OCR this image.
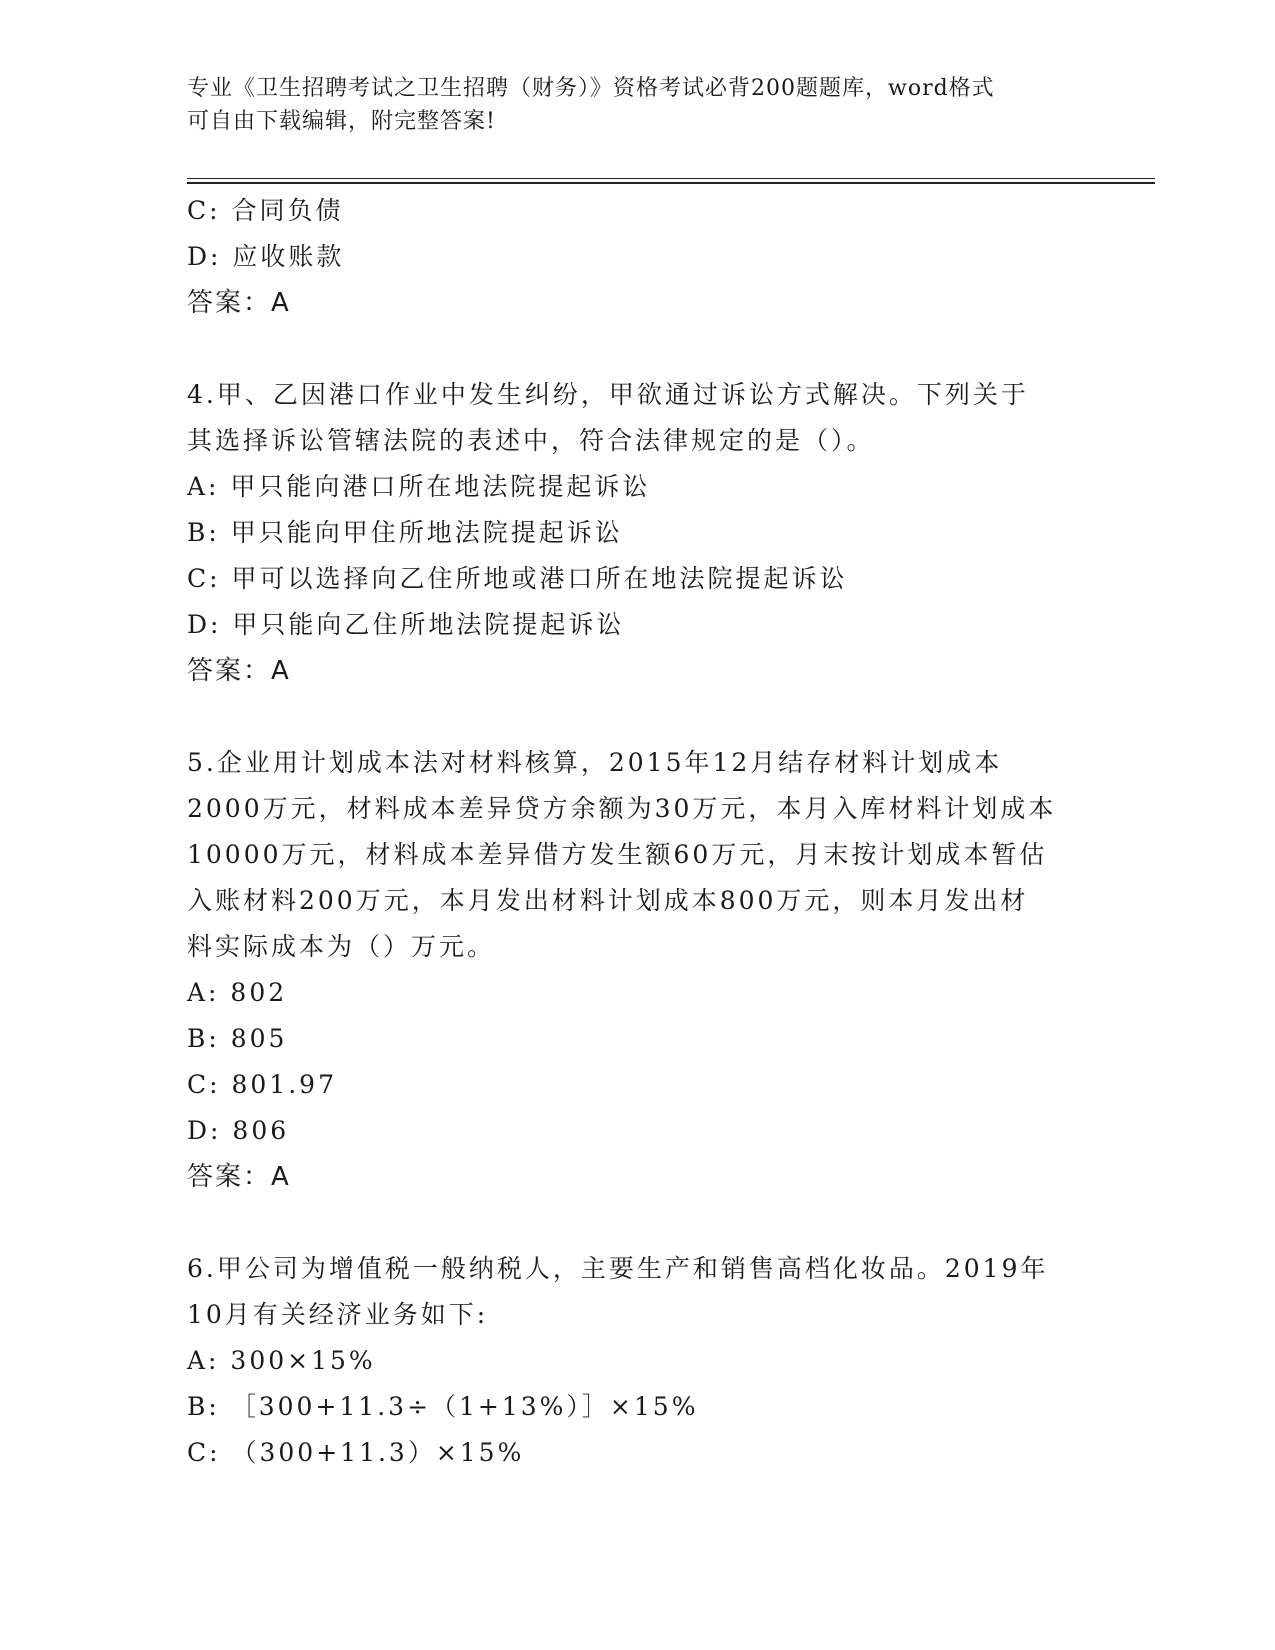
专业《卫生招聘考试之卫生招聘（财务）》资格考试必背200题题库，word格式
可自由下载编辑，附完整答案!
C: 合同负债
D: 应收账款
答案：A
4.甲、乙因港口作业中发生纠纷，甲欲通过诉讼方式解决。下列关于
其选择诉讼管辖法院的表述中，符合法律规定的是（）。
A: 甲只能向港口所在地法院提起诉讼
B: 甲只能向甲住所地法院提起诉讼
C: 甲可以选择向乙住所地或港口所在地法院提起诉讼
D: 甲只能向乙住所地法院提起诉讼
答案：A
5.企业用计划成本法对材料核算，2015年12月结存材料计划成本
2000万元，材料成本差异贷方余额为30万元，本月入库材料计划成本
10000万元，材料成本差异借方发生额60万元，月末按计划成本暂估
入账材料200万元，本月发出材料计划成本800万元，则本月发出材
料实际成本为（）万元。
A: 802
B: 805
C: 801.97
D: 806
答案：A
6.甲公司为增值税一般纳税人，主要生产和销售高档化妆品。2019年
10月有关经济业务如下:
A: 300×15%
B: ［300+11.3÷（1+13%）］×15%
C: （300+11.3）×15%
